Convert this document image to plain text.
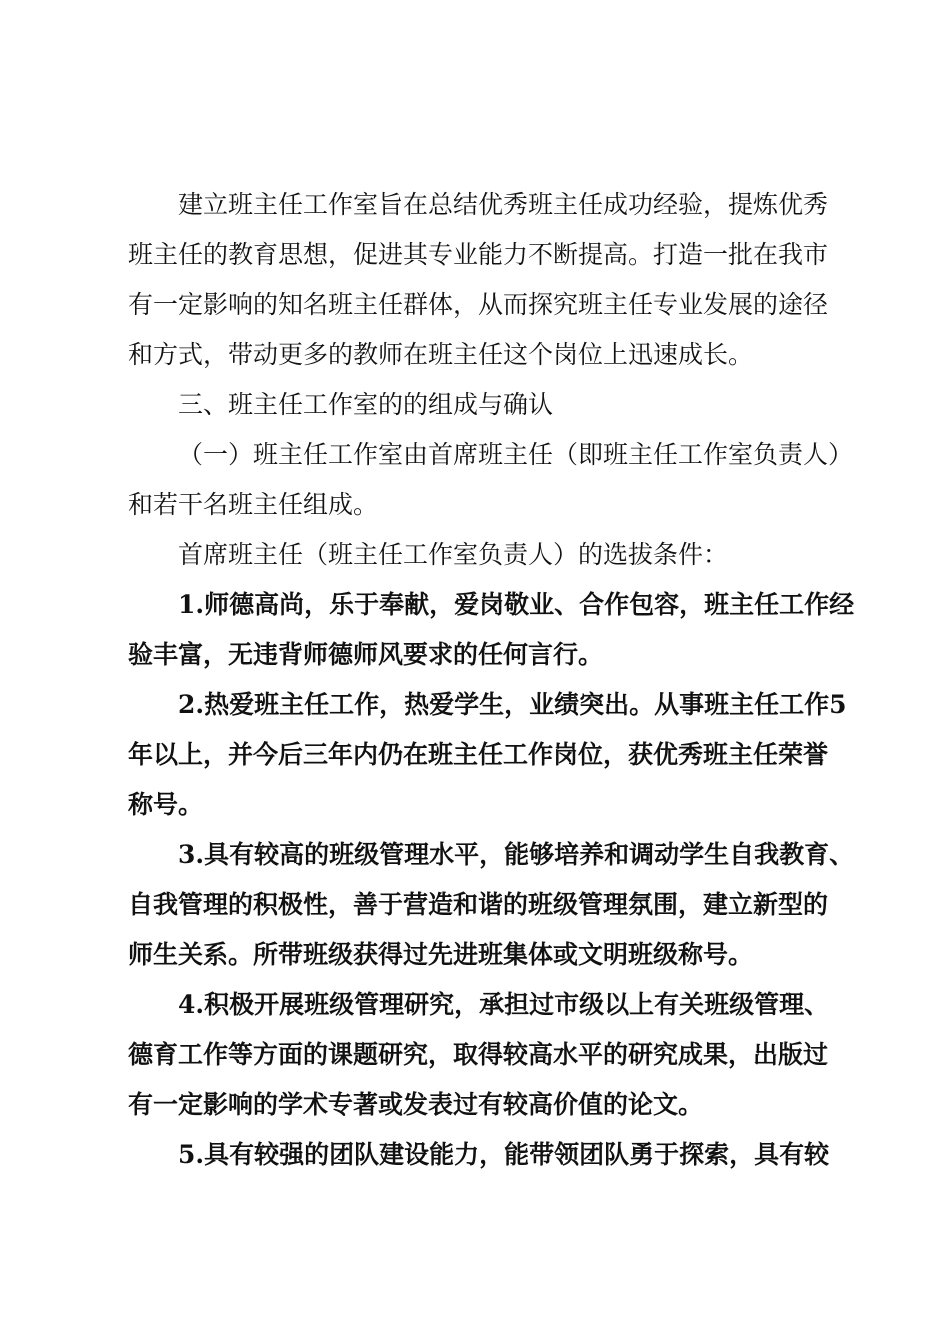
建立班主任工作室旨在总结优秀班主任成功经验，提炼优秀
班主任的教育思想，促进其专业能力不断提高。打造一批在我市
有一定影响的知名班主任群体，从而探究班主任专业发展的途径
和方式，带动更多的教师在班主任这个岗位上迅速成长。
三、班主任工作室的的组成与确认
（一）班主任工作室由首席班主任（即班主任工作室负责人）
和若干名班主任组成。
首席班主任（班主任工作室负责人）的选拔条件：
1.师德高尚，乐于奉献，爱岗敬业、合作包容，班主任工作经
验丰富，无违背师德师风要求的任何言行。
2.热爱班主任工作，热爱学生，业绩突出。从事班主任工作5
年以上，并今后三年内仍在班主任工作岗位，获优秀班主任荣誉
称号。
3.具有较高的班级管理水平，能够培养和调动学生自我教育、
自我管理的积极性，善于营造和谐的班级管理氛围，建立新型的
师生关系。所带班级获得过先进班集体或文明班级称号。
4.积极开展班级管理研究，承担过市级以上有关班级管理、
德育工作等方面的课题研究，取得较高水平的研究成果，出版过
有一定影响的学术专著或发表过有较高价值的论文。
5.具有较强的团队建设能力，能带领团队勇于探索，具有较
